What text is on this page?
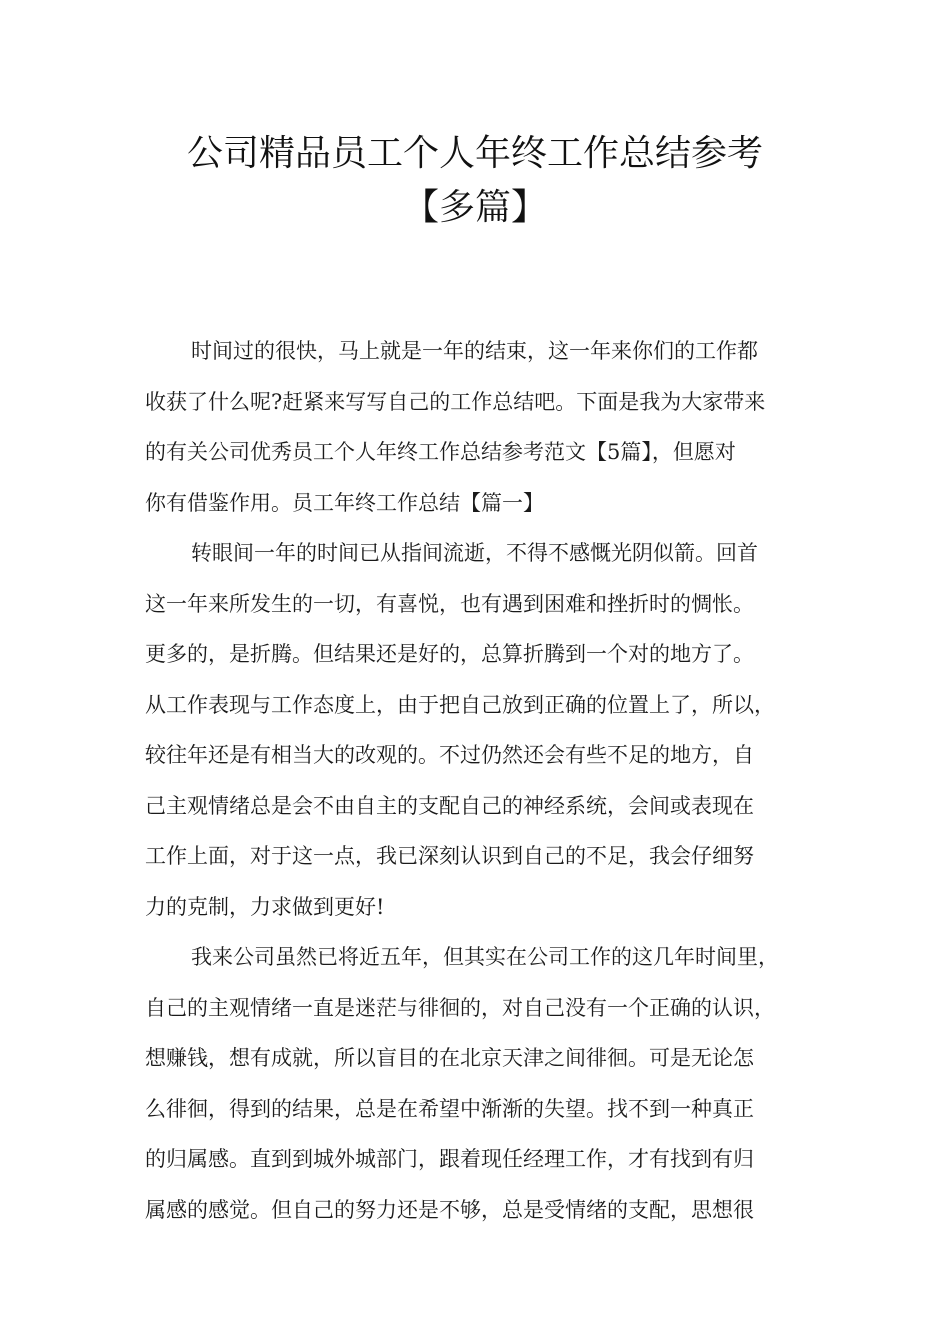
公司精品员工个人年终工作总结参考
【多篇】
时间过的很快，马上就是一年的结束，这一年来你们的工作都
收获了什么呢?赶紧来写写自己的工作总结吧。下面是我为大家带来
的有关公司优秀员工个人年终工作总结参考范文【5篇】，但愿对
你有借鉴作用。员工年终工作总结【篇一】
转眼间一年的时间已从指间流逝，不得不感慨光阴似箭。回首
这一年来所发生的一切，有喜悦，也有遇到困难和挫折时的惆怅。
更多的，是折腾。但结果还是好的，总算折腾到一个对的地方了。
从工作表现与工作态度上，由于把自己放到正确的位置上了，所以，
较往年还是有相当大的改观的。不过仍然还会有些不足的地方，自
己主观情绪总是会不由自主的支配自己的神经系统，会间或表现在
工作上面，对于这一点，我已深刻认识到自己的不足，我会仔细努
力的克制，力求做到更好!
我来公司虽然已将近五年，但其实在公司工作的这几年时间里，
自己的主观情绪一直是迷茫与徘徊的，对自己没有一个正确的认识，
想赚钱，想有成就，所以盲目的在北京天津之间徘徊。可是无论怎
么徘徊，得到的结果，总是在希望中渐渐的失望。找不到一种真正
的归属感。直到到城外城部门，跟着现任经理工作，才有找到有归
属感的感觉。但自己的努力还是不够，总是受情绪的支配，思想很
